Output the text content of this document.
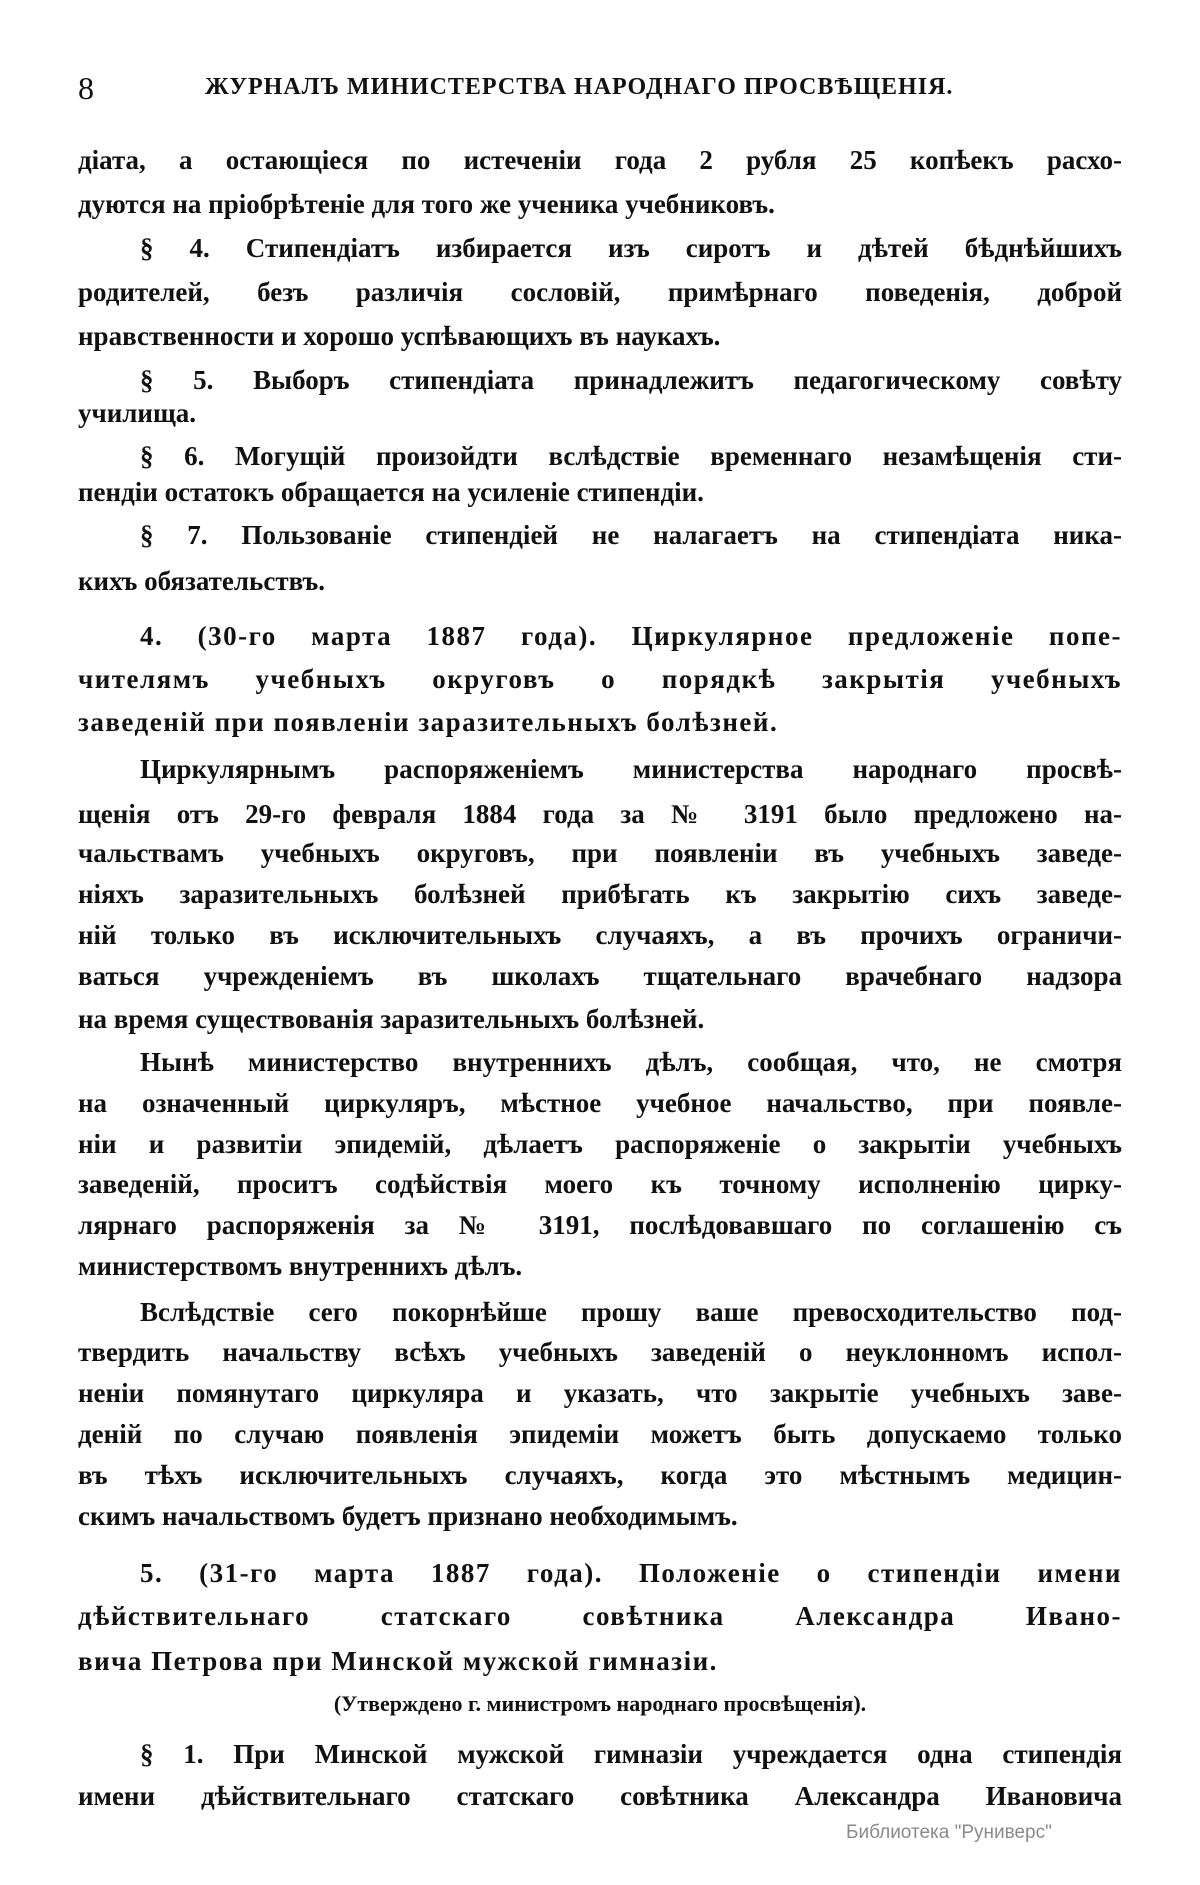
8	ЖУРНАЛЪ МИНИСТЕРСТВА НАРОДНАГО ПРОСВѢЩЕНІЯ.
діата, а остающіеся по истеченіи года 2 рубля 25 копѣекъ расхо-
дуются на пріобрѣтеніе для того же ученика учебниковъ.
§ 4. Стипендіатъ избирается изъ сиротъ и дѣтей бѣднѣйшихъ
родителей, безъ различія сословій, примѣрнаго поведенія, доброй
нравственности и хорошо успѣвающихъ въ наукахъ.
§ 5. Выборъ стипендіата принадлежитъ педагогическому совѣту
училища.
§ 6. Могущій произойдти вслѣдствіе временнаго незамѣщенія сти-
пендіи остатокъ обращается на усиленіе стипендіи.
§ 7. Пользованіе стипендіей не налагаетъ на стипендіата ника-
кихъ обязательствъ.
4. (30-го марта 1887 года). Циркулярное предложеніе попе-
чителямъ учебныхъ округовъ о порядкѣ закрытія учебныхъ
заведеній при появленіи заразительныхъ болѣзней.
Циркулярнымъ распоряженіемъ министерства народнаго просвѣ-
щенія отъ 29-го февраля 1884 года за № 3191 было предложено на-
чальствамъ учебныхъ округовъ, при появленіи въ учебныхъ заведе-
ніяхъ заразительныхъ болѣзней прибѣгать къ закрытію сихъ заведе-
ній только въ исключительныхъ случаяхъ, а въ прочихъ ограничи-
ваться учрежденіемъ въ школахъ тщательнаго врачебнаго надзора
на время существованія заразительныхъ болѣзней.
Нынѣ министерство внутреннихъ дѣлъ, сообщая, что, не смотря
на означенный циркуляръ, мѣстное учебное начальство, при появле-
ніи и развитіи эпидемій, дѣлаетъ распоряженіе о закрытіи учебныхъ
заведеній, проситъ содѣйствія моего къ точному исполненію цирку-
лярнаго распоряженія за № 3191, послѣдовавшаго по соглашенію съ
министерствомъ внутреннихъ дѣлъ.
Вслѣдствіе сего покорнѣйше прошу ваше превосходительство под-
твердить начальству всѣхъ учебныхъ заведеній о неуклонномъ испол-
неніи помянутаго циркуляра и указать, что закрытіе учебныхъ заве-
деній по случаю появленія эпидеміи можетъ быть допускаемо только
въ тѣхъ исключительныхъ случаяхъ, когда это мѣстнымъ медицин-
скимъ начальствомъ будетъ признано необходимымъ.
5. (31-го марта 1887 года). Положеніе о стипендіи имени
дѣйствительнаго статскаго совѣтника Александра Ивано-
вича Петрова при Минской мужской гимназіи.
(Утверждено г. министромъ народнаго просвѣщенія).
§ 1. При Минской мужской гимназіи учреждается одна стипендія
имени дѣйствительнаго статскаго совѣтника Александра Ивановича
Библиотека "Руниверс"
